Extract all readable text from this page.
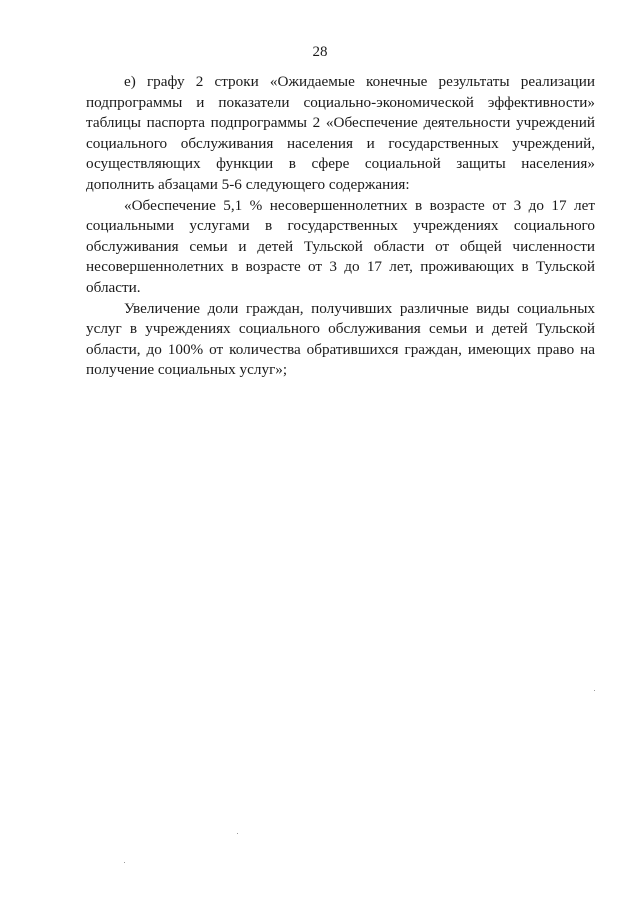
28

е) графу 2 строки «Ожидаемые конечные результаты реализации подпрограммы и показатели социально-экономической эффективности» таблицы паспорта подпрограммы 2 «Обеспечение деятельности учреждений социального обслуживания населения и государственных учреждений, осуществляющих функции в сфере социальной защиты населения» дополнить абзацами 5-6 следующего содержания:

«Обеспечение 5,1 % несовершеннолетних в возрасте от 3 до 17 лет социальными услугами в государственных учреждениях социального обслуживания семьи и детей Тульской области от общей численности несовершеннолетних в возрасте от 3 до 17 лет, проживающих в Тульской области.

Увеличение доли граждан, получивших различные виды социальных услуг в учреждениях социального обслуживания семьи и детей Тульской области, до 100% от количества обратившихся граждан, имеющих право на получение социальных услуг»;
